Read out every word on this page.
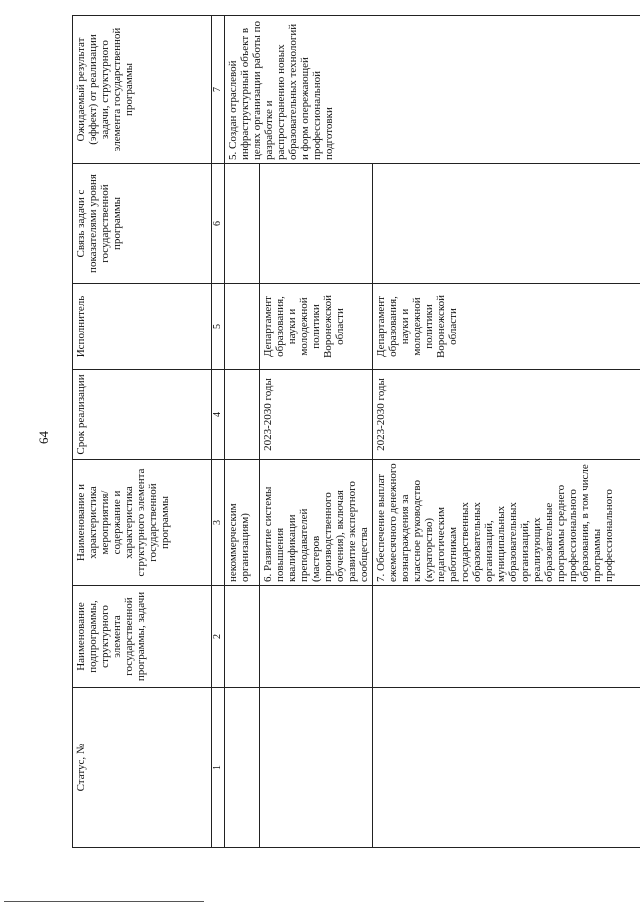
64
Статус, №	Наименование подпрограммы, структурного элемента государственной программы, задачи	Наименование и характеристика мероприятия/содержание и характеристика структурного элемента государственной программы	Срок реализации	Исполнитель	Связь задачи с показателями уровня государственной программы	Ожидаемый результат (эффект) от реализации задачи, структурного элемента государственной программы
1	2	3	4	5	6	7
		некоммерческим организациям)				5. Создан отраслевой инфраструктурный объект в целях организации работы по разработке и распространению новых образовательных технологий и форм опережающей профессиональной подготовки
		6. Развитие системы повышения квалификации преподавателей (мастеров производственного обучения), включая развитие экспертного сообщества	2023-2030 годы	Департамент образования, науки и молодежной политики Воронежской области		
		7. Обеспечение выплат ежемесячного денежного вознаграждения за классное руководство (кураторство) педагогическим работникам государственных образовательных организаций, муниципальных образовательных организаций, реализующих образовательные программы среднего профессионального образования, в том числе программы профессионального	2023-2030 годы	Департамент образования, науки и молодежной политики Воронежской области		
